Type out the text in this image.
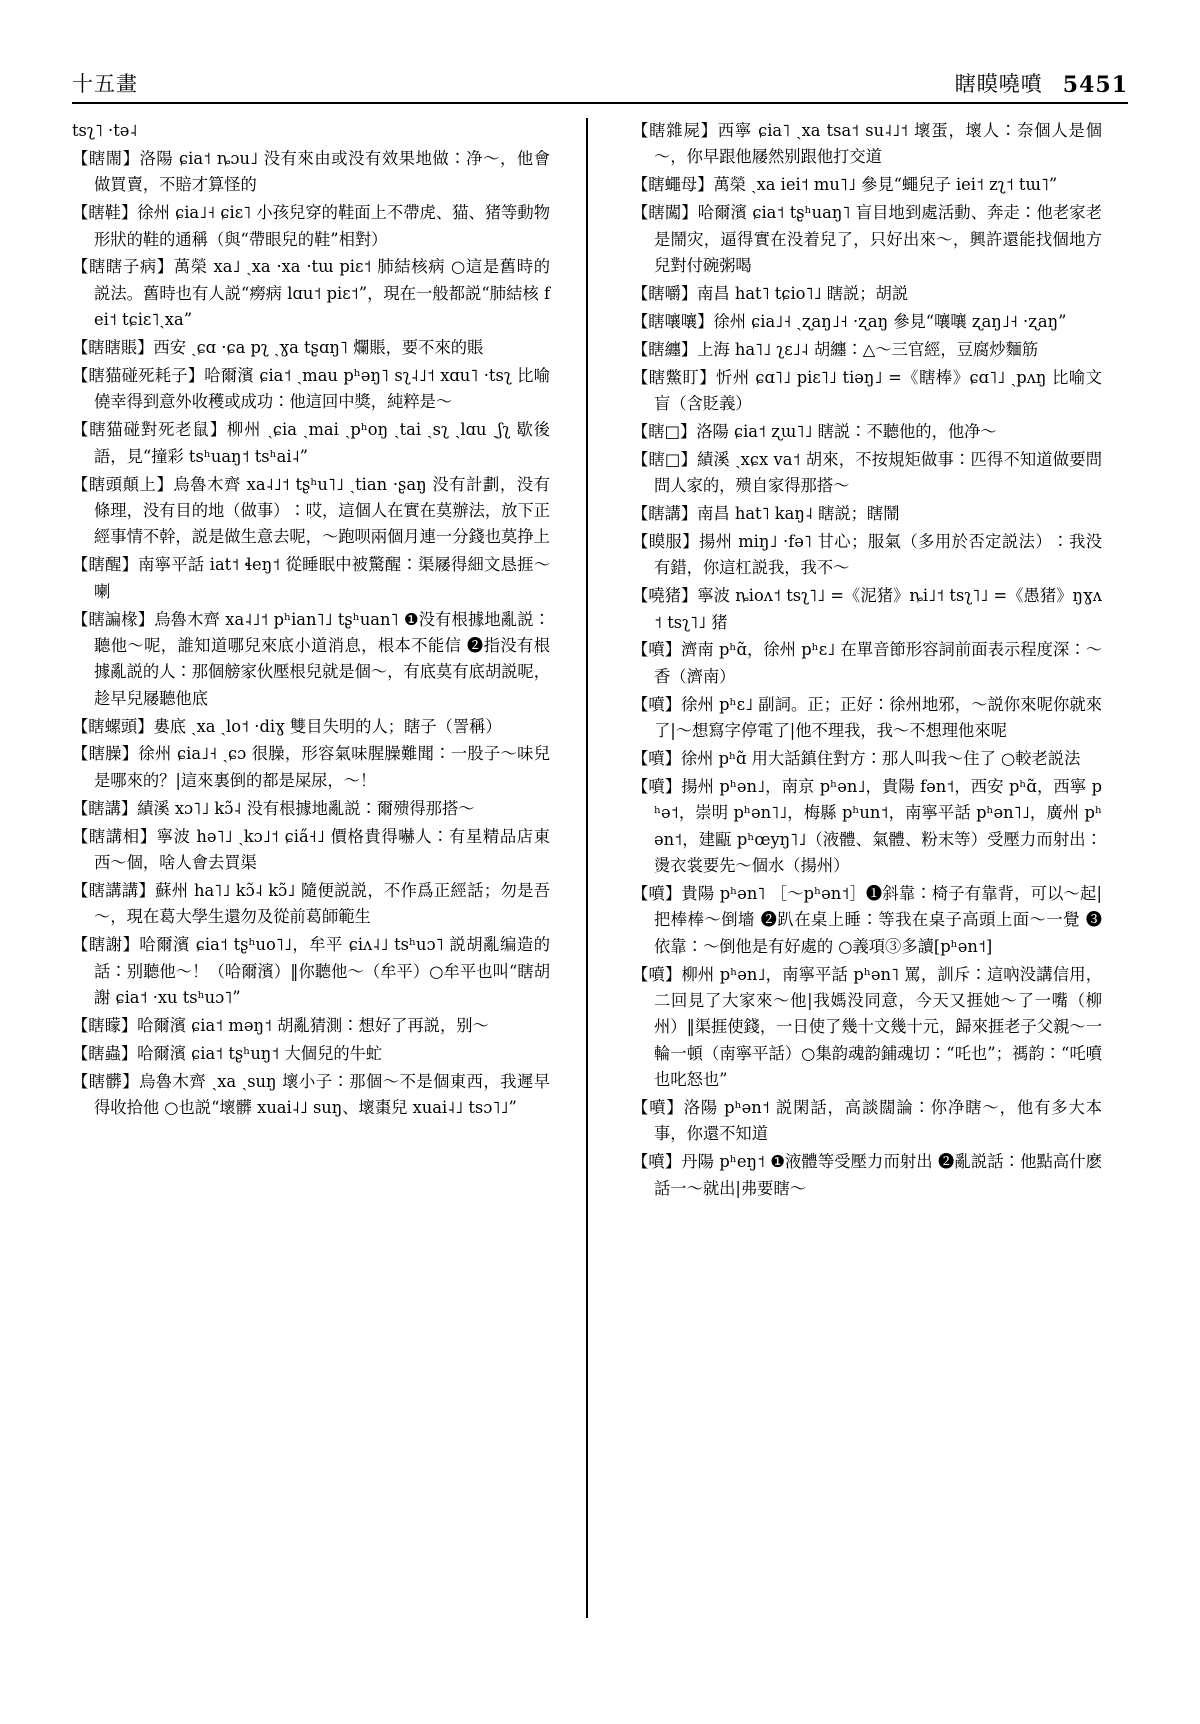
十五畫	瞎瞙嘵噴 5451
tsʅ˥ ·tə˨
【瞎閙】洛陽 ɕia˦ ȵɔu˩ 没有來由或没有效果地做∶净～，他會做買賣，不賠才算怪的
【瞎鞋】徐州 ɕia˩˧ ɕiɛ˥ 小孩兒穿的鞋面上不帶虎、猫、猪等動物形狀的鞋的通稱（與“帶眼兒的鞋”相對）
【瞎瞎子病】萬榮 xa˩ ˎxa ·xa ·tɯ piɛ˦ 肺結核病 ○這是舊時的説法。舊時也有人説“癆病 lɑu˦ piɛ˦”，現在一般都説“肺結核 fei˦ tɕiɛ˥ˎxa”
【瞎瞎賬】西安 ˎɕɑ ·ɕa pʅ ˎɣa tʂɑŋ˥ 爛賬，要不來的賬
【瞎猫碰死耗子】哈爾濱 ɕia˦ ˎmau pʰəŋ˥ sʅ˨˩˦ xɑu˥ ·tsʅ 比喻僥幸得到意外收穫或成功∶他這回中獎，純粹是～
【瞎猫碰對死老鼠】柳州 ˎɕia ˎmai ˎpʰoŋ ˎtai ˎsʅ ˎlɑu ˎʃʅ 歇後語，見“撞彩 tsʰuaŋ˦ tsʰai˨”
【瞎頭顛上】烏魯木齊 xa˨˩˦ tʂʰu˥˩ ˎtian ·ʂaŋ 没有計劃，没有條理，没有目的地（做事）∶哎，這個人在實在莫辦法，放下正經事情不幹，説是做生意去呢，～跑呗兩個月連一分錢也莫挣上
【瞎醒】南寧平話 iat˦ ɬeŋ˦ 從睡眠中被驚醒∶渠㞜得細文恳捱～喇
【瞎諞椽】烏魯木齊 xa˨˩˦ pʰian˥˩ tʂʰuan˥ ❶没有根據地亂説∶聽他～呢，誰知道哪兒來底小道消息，根本不能信 ❷指没有根據亂説的人∶那個艕家伙壓根兒就是個～，有底莫有底胡説呢，趁早兒㞜聽他底
【瞎螺頭】婁底 ˎxa ˎlo˦ ·diɣ 雙目失明的人；瞎子（詈稱）
【瞎臊】徐州 ɕia˩˧ ˎɕɔ 很臊，形容氣味腥臊難聞∶一股子～味兒是哪來的？|這來裏倒的都是屎尿，～！
【瞎講】績溪 xɔ˥˩ kɔ̃˨ 没有根據地亂説∶爾㱮得那搭～
【瞎講相】寧波 hə˥˩ ˎkɔ˩˦ ɕia̋˧˩ 價格貴得嚇人∶有星精品店東西～個，啥人會去買渠
【瞎講講】蘇州 ha˥˩ kɔ̃˨ kɔ̃˩ 隨便説説，不作爲正經話；勿是吾～，現在葛大學生還勿及從前葛師範生
【瞎謝】哈爾濱 ɕia˦ tʂʰuo˥˩，牟平 ɕiʌ˨˩ tsʰuɔ˥ 説胡亂编造的話∶别聽他～！（哈爾濱）‖你聽他～（牟平）○牟平也叫“瞎胡謝 ɕia˦ ·xu tsʰuɔ˥”
【瞎矇】哈爾濱 ɕia˦ məŋ˦ 胡亂猜測∶想好了再説，别～
【瞎蟲】哈爾濱 ɕia˦ tʂʰuŋ˦ 大個兒的牛虻
【瞎髒】烏魯木齊 ˎxa ˎsuŋ 壞小子∶那個～不是個東西，我遲早得收拾他 ○也説“壞髒 xuai˨˩ suŋ、壞棗兒 xuai˨˩ tsɔ˥˩”
【瞎雜屍】西寧 ɕia˥ ˎxa tsa˦ su˨˩˦ 壞蛋，壞人∶奈個人是個～，你早跟他㞜然别跟他打交道
【瞎蠅母】萬榮 ˎxa iei˦ mu˥˩ 參見“蠅兒子 iei˦ zʅ˦ tɯ˥”
【瞎闖】哈爾濱 ɕia˦ tʂʰuaŋ˥ 盲目地到處活動、奔走∶他老家老是鬧灾，逼得實在没着兒了，只好出來～，興許還能找個地方兒對付碗粥喝
【瞎嚼】南昌 hat˥ tɕio˥˩ 瞎説；胡説
【瞎嚷嚷】徐州 ɕia˩˧ ˎʐaŋ˩˧ ·ʐaŋ 參見“嚷嚷 ʐaŋ˩˧ ·ʐaŋ”
【瞎纏】上海 ha˥˩ ʅɛ˩˨ 胡纏∶△～三官經，豆腐炒麵筋
【瞎鱉盯】忻州 ɕɑ˥˩ piɛ˥˩ tiəŋ˩ =《瞎棒》ɕɑ˥˩ ˎpʌŋ 比喻文盲（含貶義）
【瞎□】洛陽 ɕia˦ ʐɯ˥˩ 瞎説∶不聽他的，他净～
【瞎□】績溪 ˎxɕx va˦ 胡來，不按規矩做事∶匹得不知道做要問問人家的，㱮自家得那搭～
【瞎講】南昌 hat˥ kaŋ˨ 瞎説；瞎鬧
【瞙服】揚州 miŋ˩ ·fə˥ 甘心；服氣（多用於否定説法）∶我没有錯，你這杠説我，我不～
【嘵猪】寧波 ȵioʌ˦ tsʅ˥˩ =《泥猪》ȵi˩˦ tsʅ˥˩ =《愚猪》ŋɣʌ˦ tsʅ˥˩ 猪
【噴】濟南 pʰɑ̃，徐州 pʰɛ˩ 在單音節形容詞前面表示程度深∶～香（濟南）
【噴】徐州 pʰɛ˩ 副詞。正；正好∶徐州地邪，～説你來呢你就來了|～想寫字停電了|他不理我，我～不想理他來呢
【噴】徐州 pʰɑ̃ 用大話鎮住對方∶那人叫我～住了 ○較老説法
【噴】揚州 pʰən˩，南京 pʰən˩，貴陽 fən˦，西安 pʰɑ̃，西寧 pʰə˦，崇明 pʰən˥˩，梅縣 pʰun˦，南寧平話 pʰən˥˩，廣州 pʰən˦，建甌 pʰœyŋ˥˩（液體、氣體、粉末等）受壓力而射出∶燙衣裳要先～個水（揚州）
【噴】貴陽 pʰən˥ ［～pʰən˦］❶斜靠∶椅子有靠背，可以～起|把棒棒～倒墻 ❷趴在桌上睡∶等我在桌子高頭上面～一覺 ❸依靠∶～倒他是有好處的 ○義項③多讀[pʰən˦]
【噴】柳州 pʰən˩，南寧平話 pʰən˥ 罵，訓斥∶這吶没講信用，二回見了大家來～他|我媽没同意，今天又捱她～了一嘴（柳州）‖渠捱使錢，一日使了幾十文幾十元，歸來捱老子父親～一輪一頓（南寧平話）○集韵魂韵鋪魂切∶“吒也”；禡韵∶“吒噴也叱怒也”
【噴】洛陽 pʰən˦ 説閑話，高談闊論∶你净瞎～，他有多大本事，你還不知道
【噴】丹陽 pʰeŋ˦ ❶液體等受壓力而射出 ❷亂説話∶他點高什麽話一～就出|弗要瞎～
